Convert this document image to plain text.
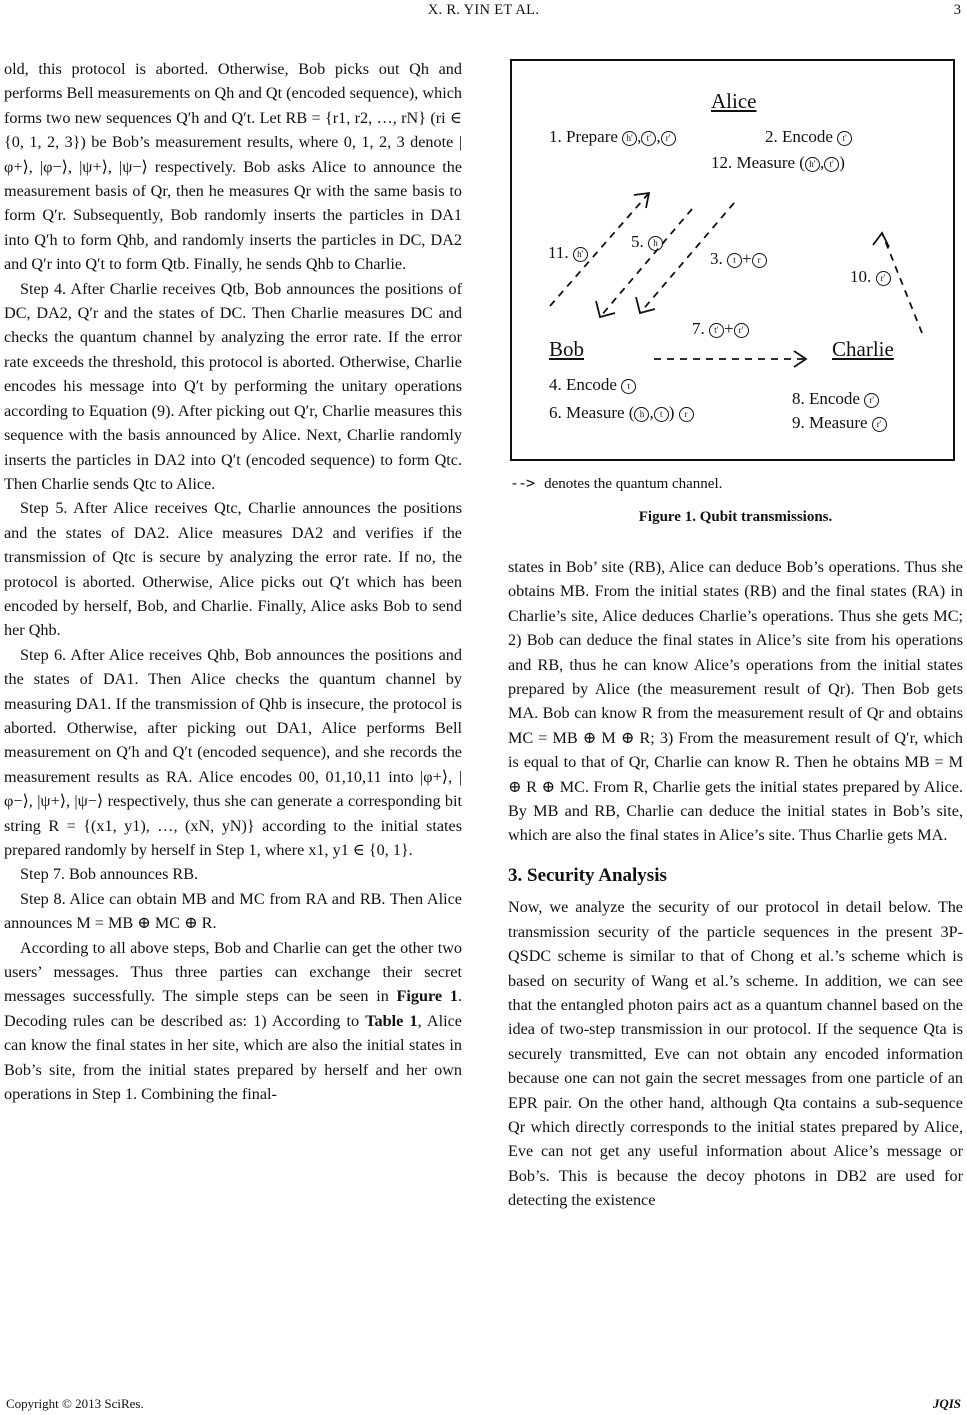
X. R. YIN ET AL.	3

old, this protocol is aborted. Otherwise, Bob picks out Qh and performs Bell measurements on Qh and Qt (encoded sequence), which forms two new sequences Q′h and Q′t. Let RB = {r1, r2, …, rN} (ri ∈ {0, 1, 2, 3}) be Bob’s measurement results, where 0, 1, 2, 3 denote |φ+⟩, |φ−⟩, |ψ+⟩, |ψ−⟩ respectively. Bob asks Alice to announce the measurement basis of Qr, then he measures Qr with the same basis to form Q′r. Subsequently, Bob randomly inserts the particles in DA1 into Q′h to form Qhb, and randomly inserts the particles in DC, DA2 and Q′r into Q′t to form Qtb. Finally, he sends Qhb to Charlie.

Step 4. After Charlie receives Qtb, Bob announces the positions of DC, DA2, Q′r and the states of DC. Then Charlie measures DC and checks the quantum channel by analyzing the error rate. If the error rate exceeds the threshold, this protocol is aborted. Otherwise, Charlie encodes his message into Q′t by performing the unitary operations according to Equation (9). After picking out Q′r, Charlie measures this sequence with the basis announced by Alice. Next, Charlie randomly inserts the particles in DA2 into Q′t (encoded sequence) to form Qtc. Then Charlie sends Qtc to Alice.

Step 5. After Alice receives Qtc, Charlie announces the positions and the states of DA2. Alice measures DA2 and verifies if the transmission of Qtc is secure by analyzing the error rate. If no, the protocol is aborted. Otherwise, Alice picks out Q′t which has been encoded by herself, Bob, and Charlie. Finally, Alice asks Bob to send her Qhb.

Step 6. After Alice receives Qhb, Bob announces the positions and the states of DA1. Then Alice checks the quantum channel by measuring DA1. If the transmission of Qhb is insecure, the protocol is aborted. Otherwise, after picking out DA1, Alice performs Bell measurement on Q′h and Q′t (encoded sequence), and she records the measurement results as RA. Alice encodes 00, 01,10,11 into |φ+⟩, |φ−⟩, |ψ+⟩, |ψ−⟩ respectively, thus she can generate a corresponding bit string R = {(x1, y1), …, (xN, yN)} according to the initial states prepared randomly by herself in Step 1, where x1, y1 ∈ {0, 1}.

Step 7. Bob announces RB.

Step 8. Alice can obtain MB and MC from RA and RB. Then Alice announces M = MB ⊕ MC ⊕ R.

According to all above steps, Bob and Charlie can get the other two users’ messages. Thus three parties can exchange their secret messages successfully. The simple steps can be seen in Figure 1. Decoding rules can be described as: 1) According to Table 1, Alice can know the final states in her site, which are also the initial states in Bob’s site, from the initial states prepared by herself and her own operations in Step 1. Combining the final-

Alice
1. Prepare h′ , t′ , r′	2. Encode t′
12. Measure ( h′ , t′ )
11. h′
5. h
3. t + r
10. r′
7. t′ + r′
Bob	Charlie
4. Encode t
6. Measure ( h , t ) r
8. Encode r′
9. Measure r′
--> denotes the quantum channel.
Figure 1. Qubit transmissions.

states in Bob’ site (RB), Alice can deduce Bob’s operations. Thus she obtains MB. From the initial states (RB) and the final states (RA) in Charlie’s site, Alice deduces Charlie’s operations. Thus she gets MC; 2) Bob can deduce the final states in Alice’s site from his operations and RB, thus he can know Alice’s operations from the initial states prepared by Alice (the measurement result of Qr). Then Bob gets MA. Bob can know R from the measurement result of Qr and obtains MC = MB ⊕ M ⊕ R; 3) From the measurement result of Q′r, which is equal to that of Qr, Charlie can know R. Then he obtains MB = M ⊕ R ⊕ MC. From R, Charlie gets the initial states prepared by Alice. By MB and RB, Charlie can deduce the initial states in Bob’s site, which are also the final states in Alice’s site. Thus Charlie gets MA.

3. Security Analysis

Now, we analyze the security of our protocol in detail below. The transmission security of the particle sequences in the present 3P-QSDC scheme is similar to that of Chong et al.’s scheme which is based on security of Wang et al.’s scheme. In addition, we can see that the entangled photon pairs act as a quantum channel based on the idea of two-step transmission in our protocol. If the sequence Qta is securely transmitted, Eve can not obtain any encoded information because one can not gain the secret messages from one particle of an EPR pair. On the other hand, although Qta contains a sub-sequence Qr which directly corresponds to the initial states prepared by Alice, Eve can not get any useful information about Alice’s message or Bob’s. This is because the decoy photons in DB2 are used for detecting the existence

Copyright © 2013 SciRes.	JQIS
